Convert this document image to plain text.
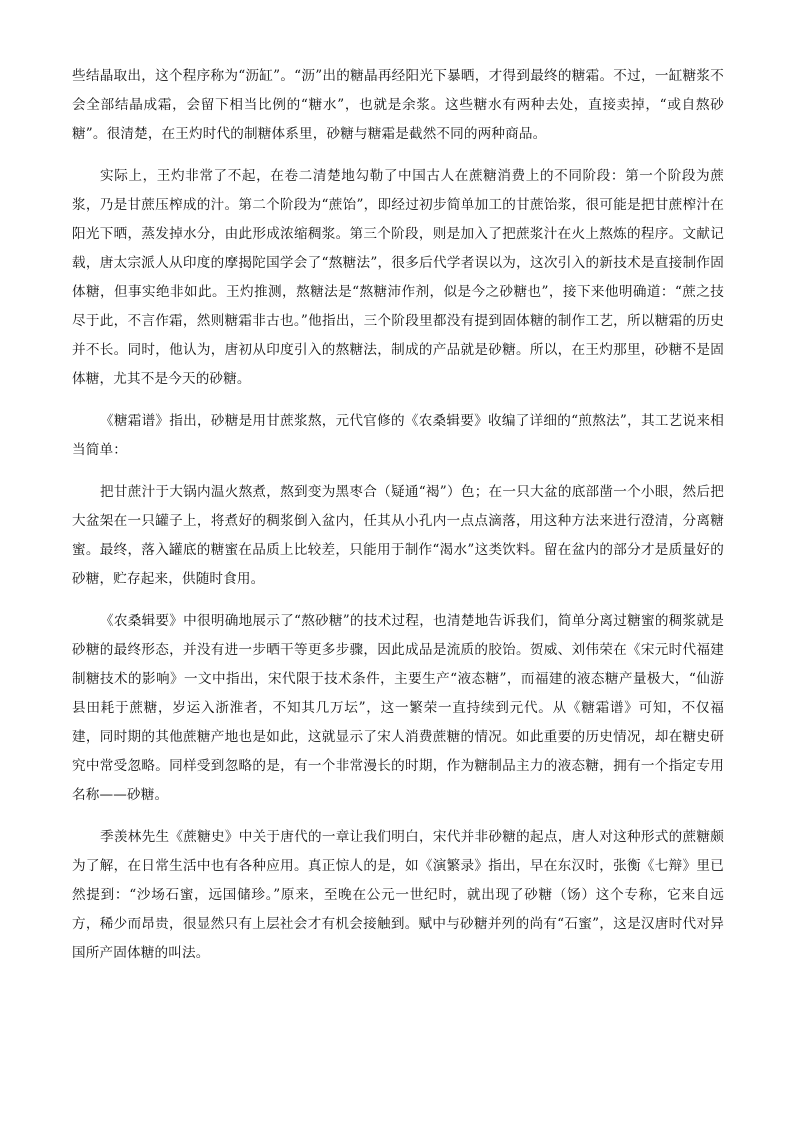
些结晶取出，这个程序称为“沥缸”。“沥”出的糖晶再经阳光下暴晒，才得到最终的糖霜。不过，一缸糖浆不会全部结晶成霜，会留下相当比例的“糖水”，也就是余浆。这些糖水有两种去处，直接卖掉，“或自熬砂糖”。很清楚，在王灼时代的制糖体系里，砂糖与糖霜是截然不同的两种商品。

实际上，王灼非常了不起，在卷二清楚地勾勒了中国古人在蔗糖消费上的不同阶段：第一个阶段为蔗浆，乃是甘蔗压榨成的汁。第二个阶段为“蔗饴”，即经过初步简单加工的甘蔗饴浆，很可能是把甘蔗榨汁在阳光下晒，蒸发掉水分，由此形成浓缩稠浆。第三个阶段，则是加入了把蔗浆汁在火上熬炼的程序。文献记载，唐太宗派人从印度的摩揭陀国学会了“熬糖法”，很多后代学者误以为，这次引入的新技术是直接制作固体糖，但事实绝非如此。王灼推测，熬糖法是“熬糖沛作剂，似是今之砂糖也”，接下来他明确道：“蔗之技尽于此，不言作霜，然则糖霜非古也。”他指出，三个阶段里都没有提到固体糖的制作工艺，所以糖霜的历史并不长。同时，他认为，唐初从印度引入的熬糖法，制成的产品就是砂糖。所以，在王灼那里，砂糖不是固体糖，尤其不是今天的砂糖。

《糖霜谱》指出，砂糖是用甘蔗浆熬，元代官修的《农桑辑要》收编了详细的“煎熬法”，其工艺说来相当简单：

把甘蔗汁于大锅内温火熬煮，熬到变为黑枣合（疑通“褐”）色；在一只大盆的底部凿一个小眼，然后把大盆架在一只罐子上，将煮好的稠浆倒入盆内，任其从小孔内一点点滴落，用这种方法来进行澄清，分离糖蜜。最终，落入罐底的糖蜜在品质上比较差，只能用于制作“渴水”这类饮料。留在盆内的部分才是质量好的砂糖，贮存起来，供随时食用。

《农桑辑要》中很明确地展示了“熬砂糖”的技术过程，也清楚地告诉我们，简单分离过糖蜜的稠浆就是砂糖的最终形态，并没有进一步晒干等更多步骤，因此成品是流质的胶饴。贺威、刘伟荣在《宋元时代福建制糖技术的影响》一文中指出，宋代限于技术条件，主要生产“液态糖”，而福建的液态糖产量极大，“仙游县田耗于蔗糖，岁运入浙淮者，不知其几万坛”，这一繁荣一直持续到元代。从《糖霜谱》可知，不仅福建，同时期的其他蔗糖产地也是如此，这就显示了宋人消费蔗糖的情况。如此重要的历史情况，却在糖史研究中常受忽略。同样受到忽略的是，有一个非常漫长的时期，作为糖制品主力的液态糖，拥有一个指定专用名称——砂糖。

季羡林先生《蔗糖史》中关于唐代的一章让我们明白，宋代并非砂糖的起点，唐人对这种形式的蔗糖颇为了解，在日常生活中也有各种应用。真正惊人的是，如《演繁录》指出，早在东汉时，张衡《七辩》里已然提到：“沙场石蜜，远国储珍。”原来，至晚在公元一世纪时，就出现了砂糖（饧）这个专称，它来自远方，稀少而昂贵，很显然只有上层社会才有机会接触到。赋中与砂糖并列的尚有“石蜜”，这是汉唐时代对异国所产固体糖的叫法。
